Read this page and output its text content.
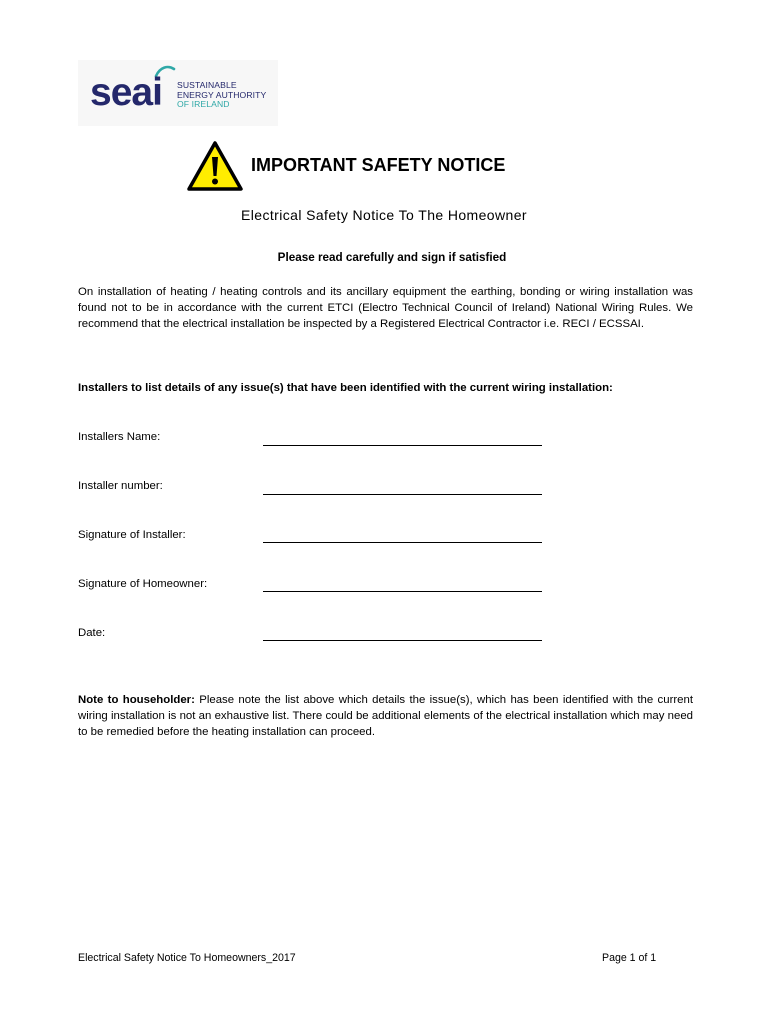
seai SUSTAINABLE
ENERGY AUTHORITY
OF IRELAND
IMPORTANT SAFETY NOTICE
Electrical Safety Notice To The Homeowner
Please read carefully and sign if satisfied

On installation of heating / heating controls and its ancillary equipment the earthing, bonding or wiring installation was found not to be in accordance with the current ETCI (Electro Technical Council of Ireland) National Wiring Rules. We recommend that the electrical installation be inspected by a Registered Electrical Contractor i.e. RECI / ECSSAI.

Installers to list details of any issue(s) that have been identified with the current wiring installation:
Installers Name:
Installer number:
Signature of Installer:
Signature of Homeowner:
Date:

Note to householder: Please note the list above which details the issue(s), which has been identified with the current wiring installation is not an exhaustive list. There could be additional elements of the electrical installation which may need to be remedied before the heating installation can proceed.

Electrical Safety Notice To Homeowners_2017	Page 1 of 1
